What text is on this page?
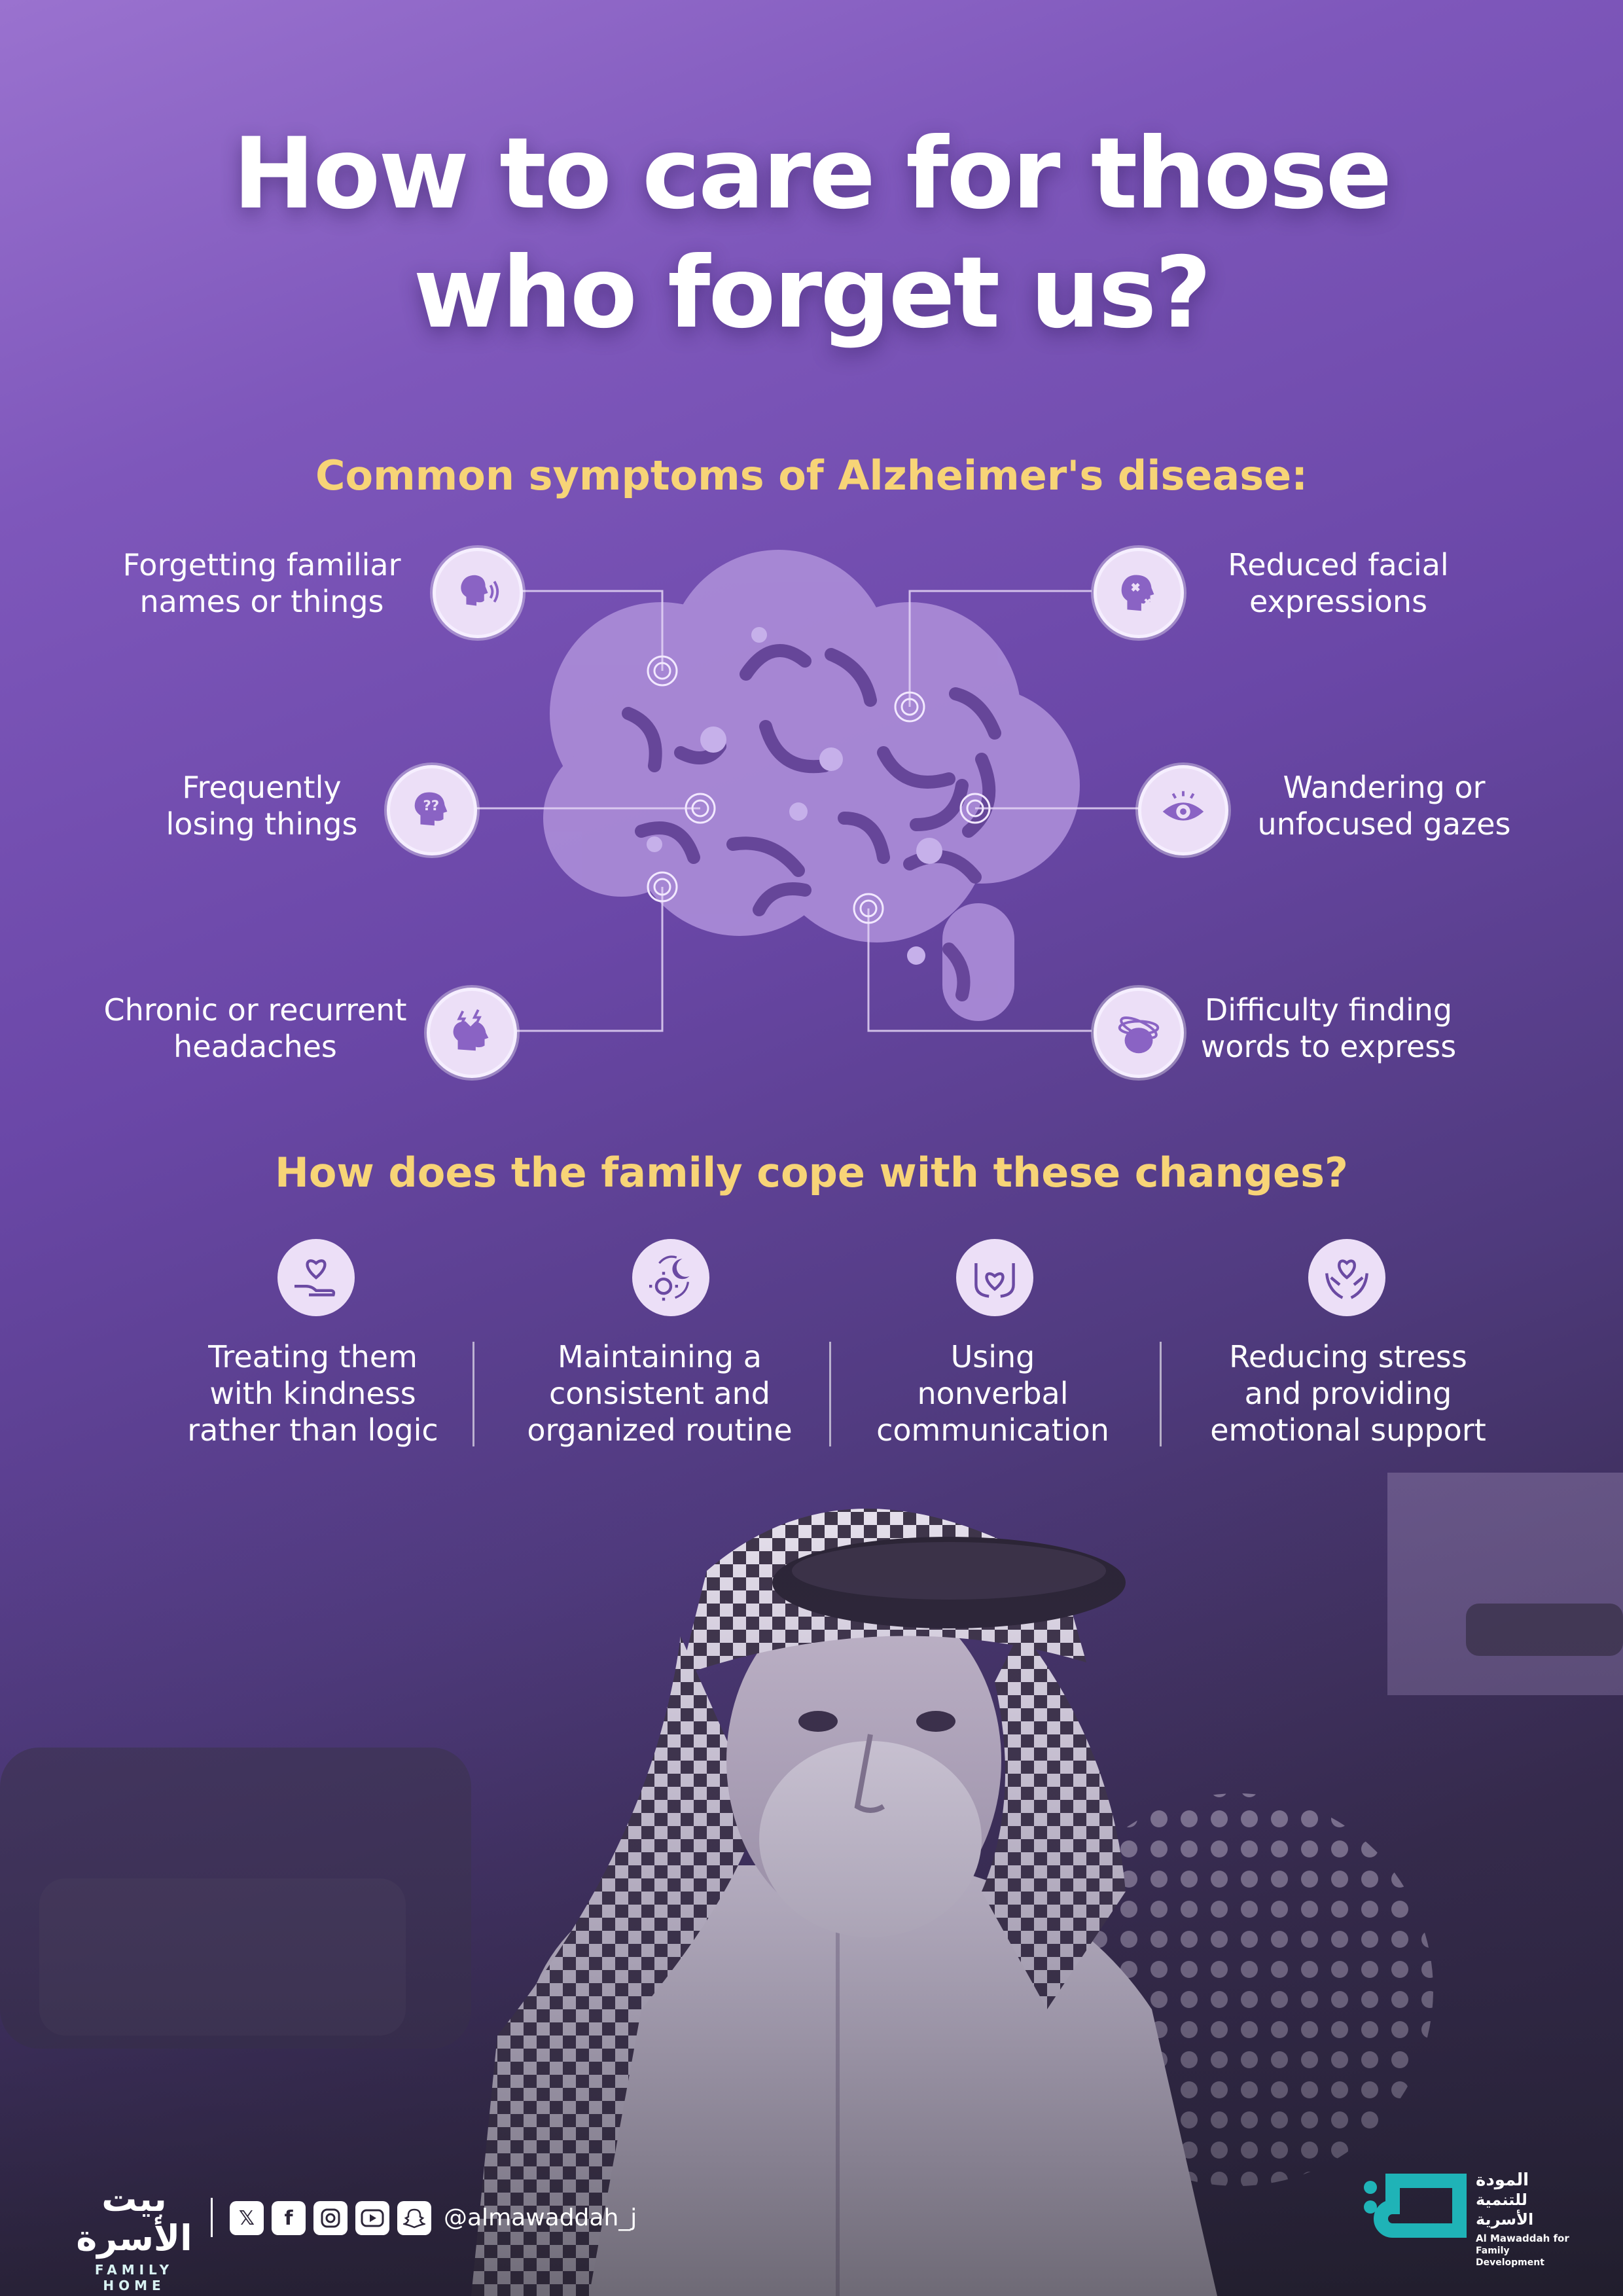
How to care for those
who forget us?
Common symptoms of Alzheimer's disease:
Forgetting familiar
names or things
Frequently
losing things
??
Chronic or recurrent
headaches
Reduced facial
expressions
Wandering or
unfocused gazes
Difficulty finding
words to express
How does the family cope with these changes?
Treating them
with kindness
rather than logic
Maintaining a
consistent and
organized routine
Using
nonverbal
communication
Reducing stress
and providing
emotional support
بيت الأسرة
FAMILY HOME
𝕏	f	@almawaddah_j
المودة
للتنمية الأسرية
Al Mawaddah for
Family Development
